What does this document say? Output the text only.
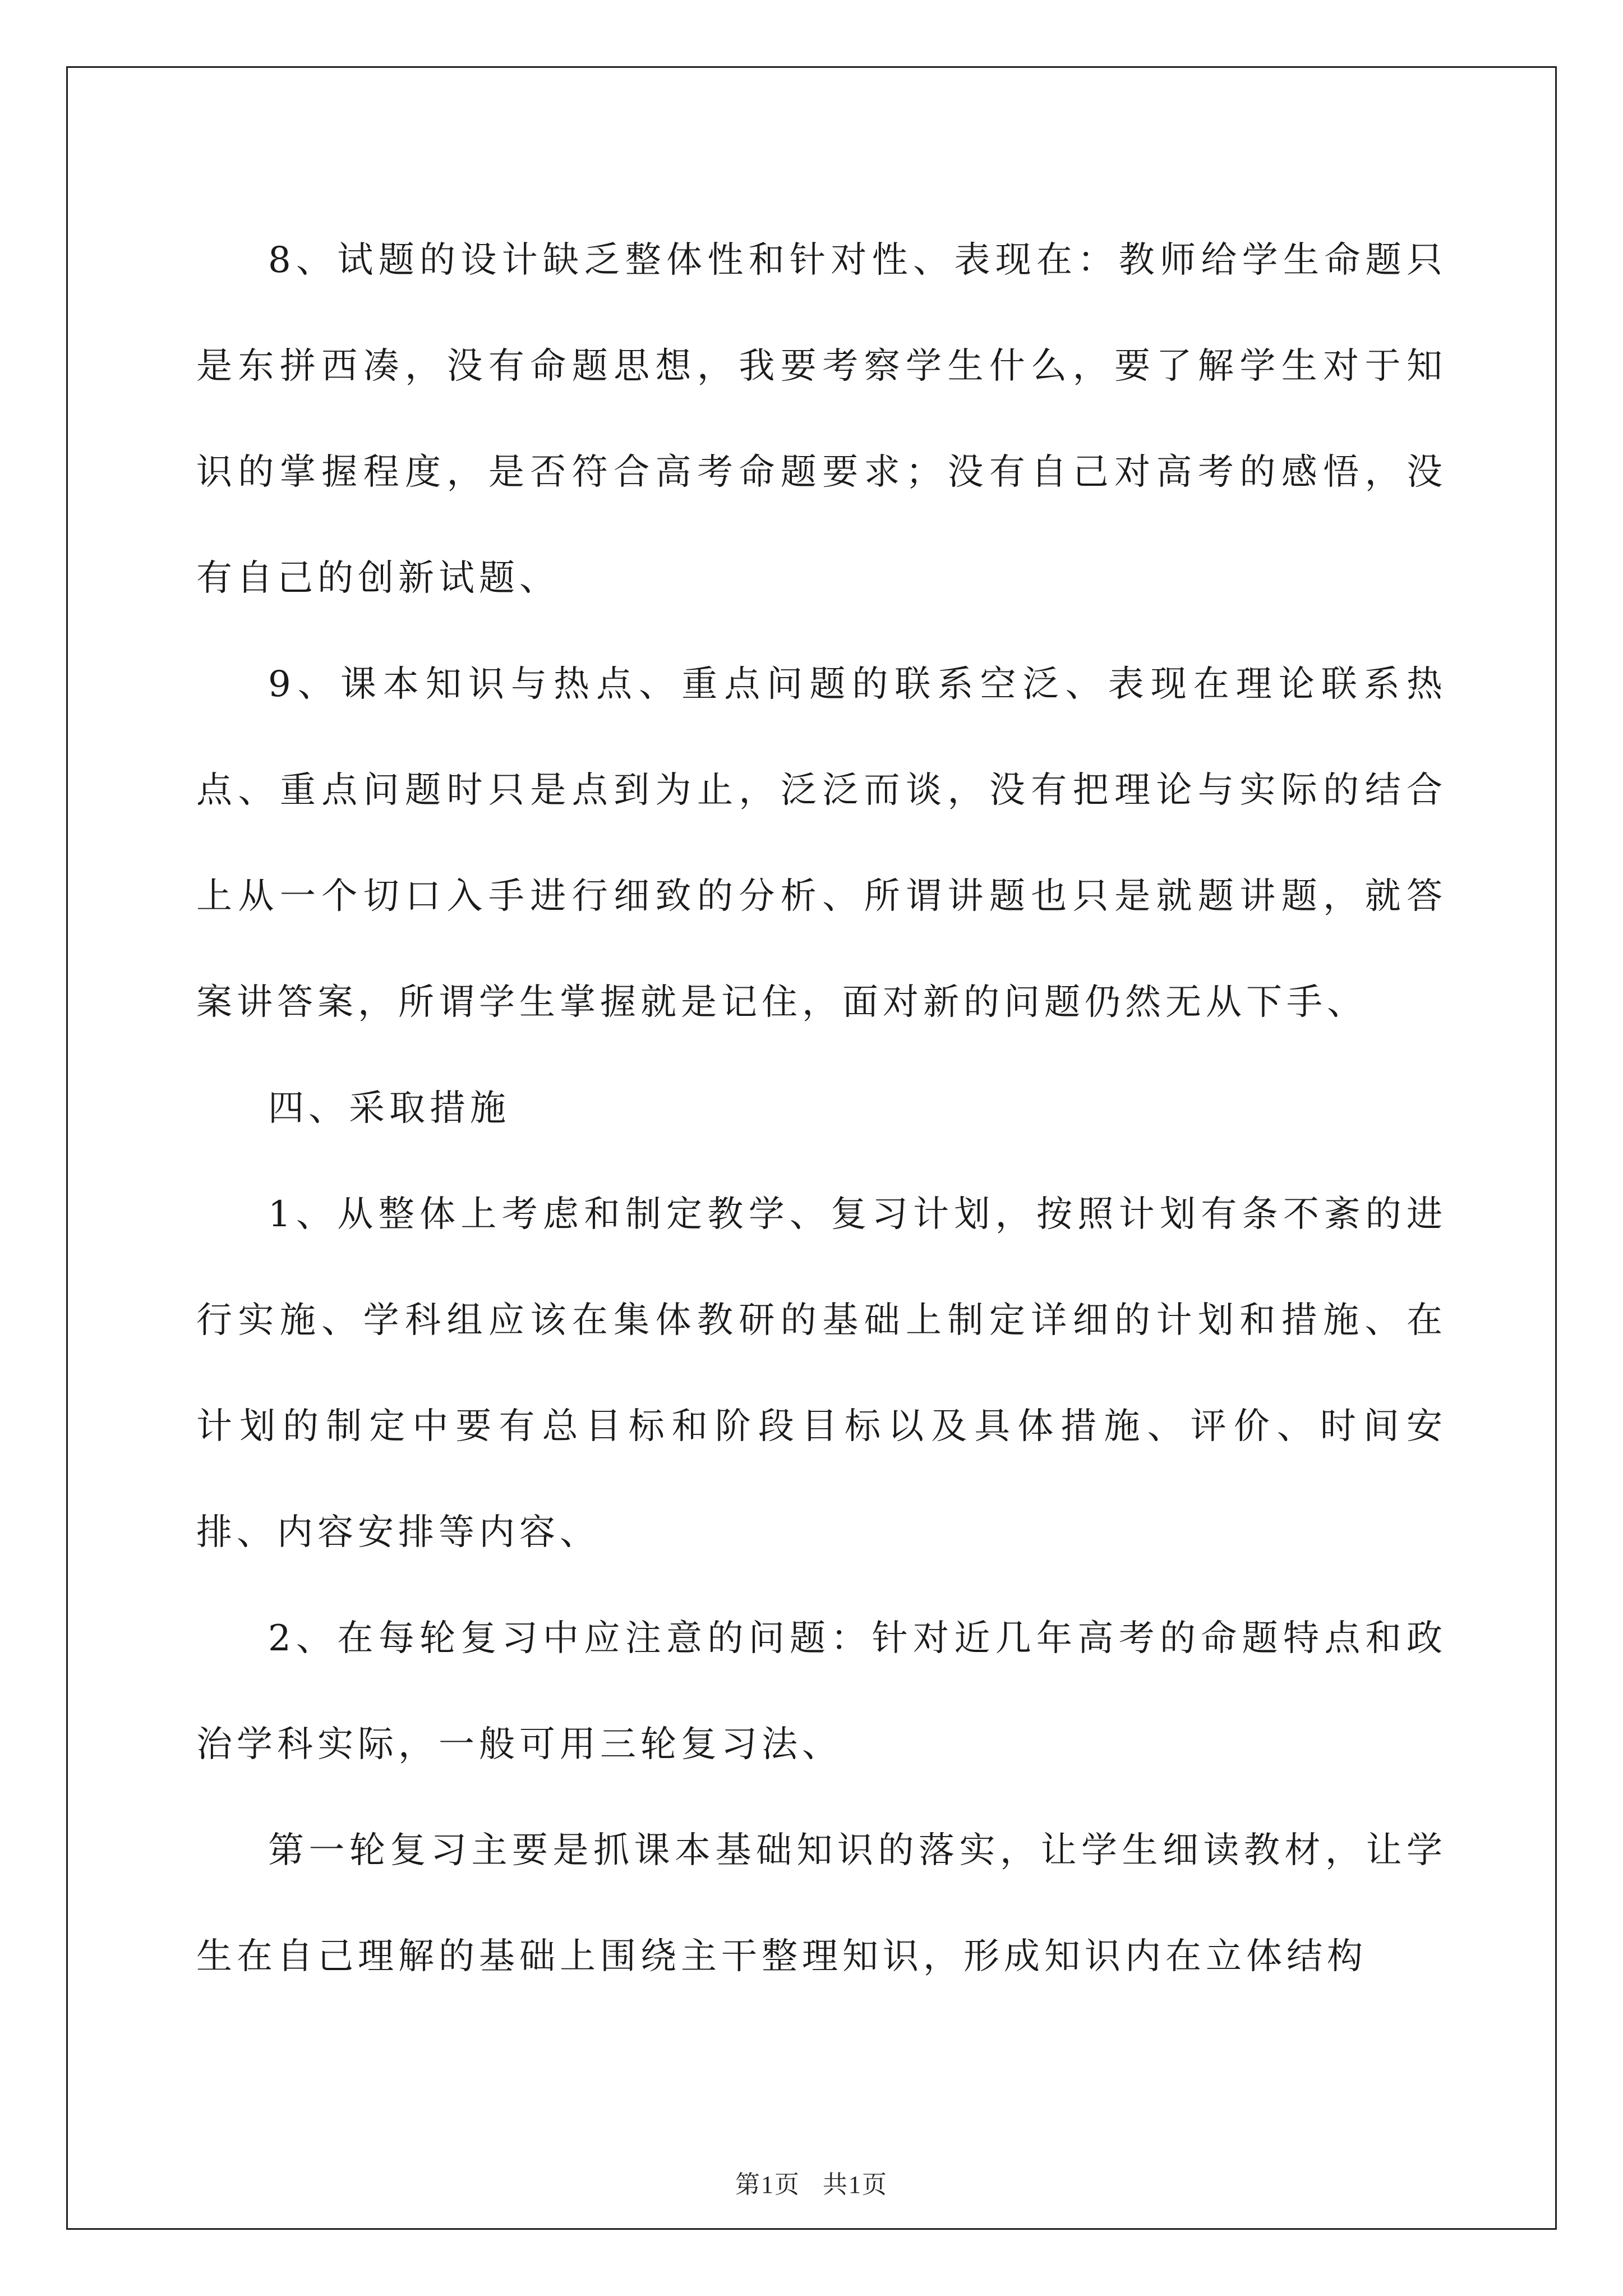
8、试题的设计缺乏整体性和针对性、表现在：教师给学生命题只是东拼西凑，没有命题思想，我要考察学生什么，要了解学生对于知识的掌握程度，是否符合高考命题要求；没有自己对高考的感悟，没有自己的创新试题、

9、课本知识与热点、重点问题的联系空泛、表现在理论联系热点、重点问题时只是点到为止，泛泛而谈，没有把理论与实际的结合上从一个切口入手进行细致的分析、所谓讲题也只是就题讲题，就答案讲答案，所谓学生掌握就是记住，面对新的问题仍然无从下手、

四、采取措施

1、从整体上考虑和制定教学、复习计划，按照计划有条不紊的进行实施、学科组应该在集体教研的基础上制定详细的计划和措施、在计划的制定中要有总目标和阶段目标以及具体措施、评价、时间安排、内容安排等内容、

2、在每轮复习中应注意的问题：针对近几年高考的命题特点和政治学科实际，一般可用三轮复习法、

第一轮复习主要是抓课本基础知识的落实，让学生细读教材，让学生在自己理解的基础上围绕主干整理知识，形成知识内在立体结构

第1页 共1页
